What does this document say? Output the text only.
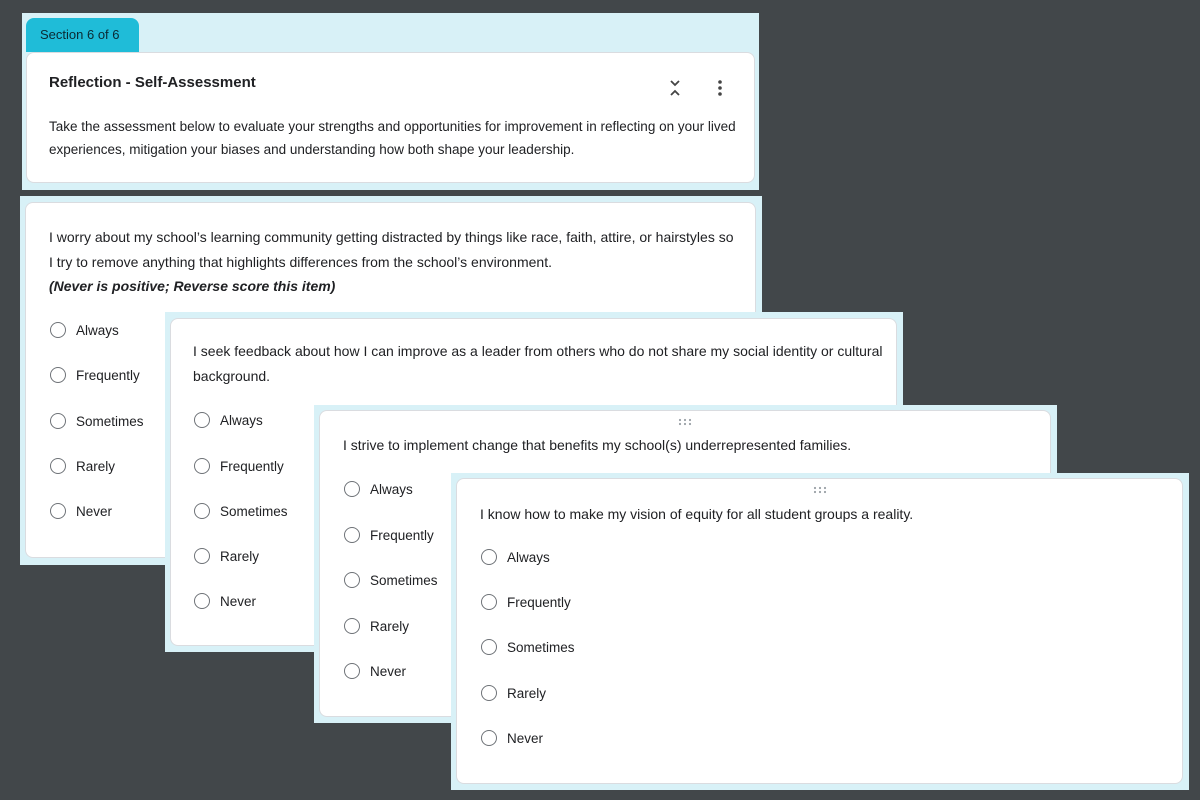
Section 6 of 6
Reflection - Self-Assessment
Take the assessment below to evaluate your strengths and opportunities for improvement in reflecting on your lived experiences, mitigation your biases and understanding how both shape your leadership.
I worry about my school’s learning community getting distracted by things like race, faith, attire, or hairstyles so I try to remove anything that highlights differences from the school’s environment.
(Never is positive; Reverse score this item)
Always
Frequently
Sometimes
Rarely
Never
I seek feedback about how I can improve as a leader from others who do not share my social identity or cultural background.
Always
Frequently
Sometimes
Rarely
Never
I strive to implement change that benefits my school(s) underrepresented families.
Always
Frequently
Sometimes
Rarely
Never
I know how to make my vision of equity for all student groups a reality.
Always
Frequently
Sometimes
Rarely
Never
